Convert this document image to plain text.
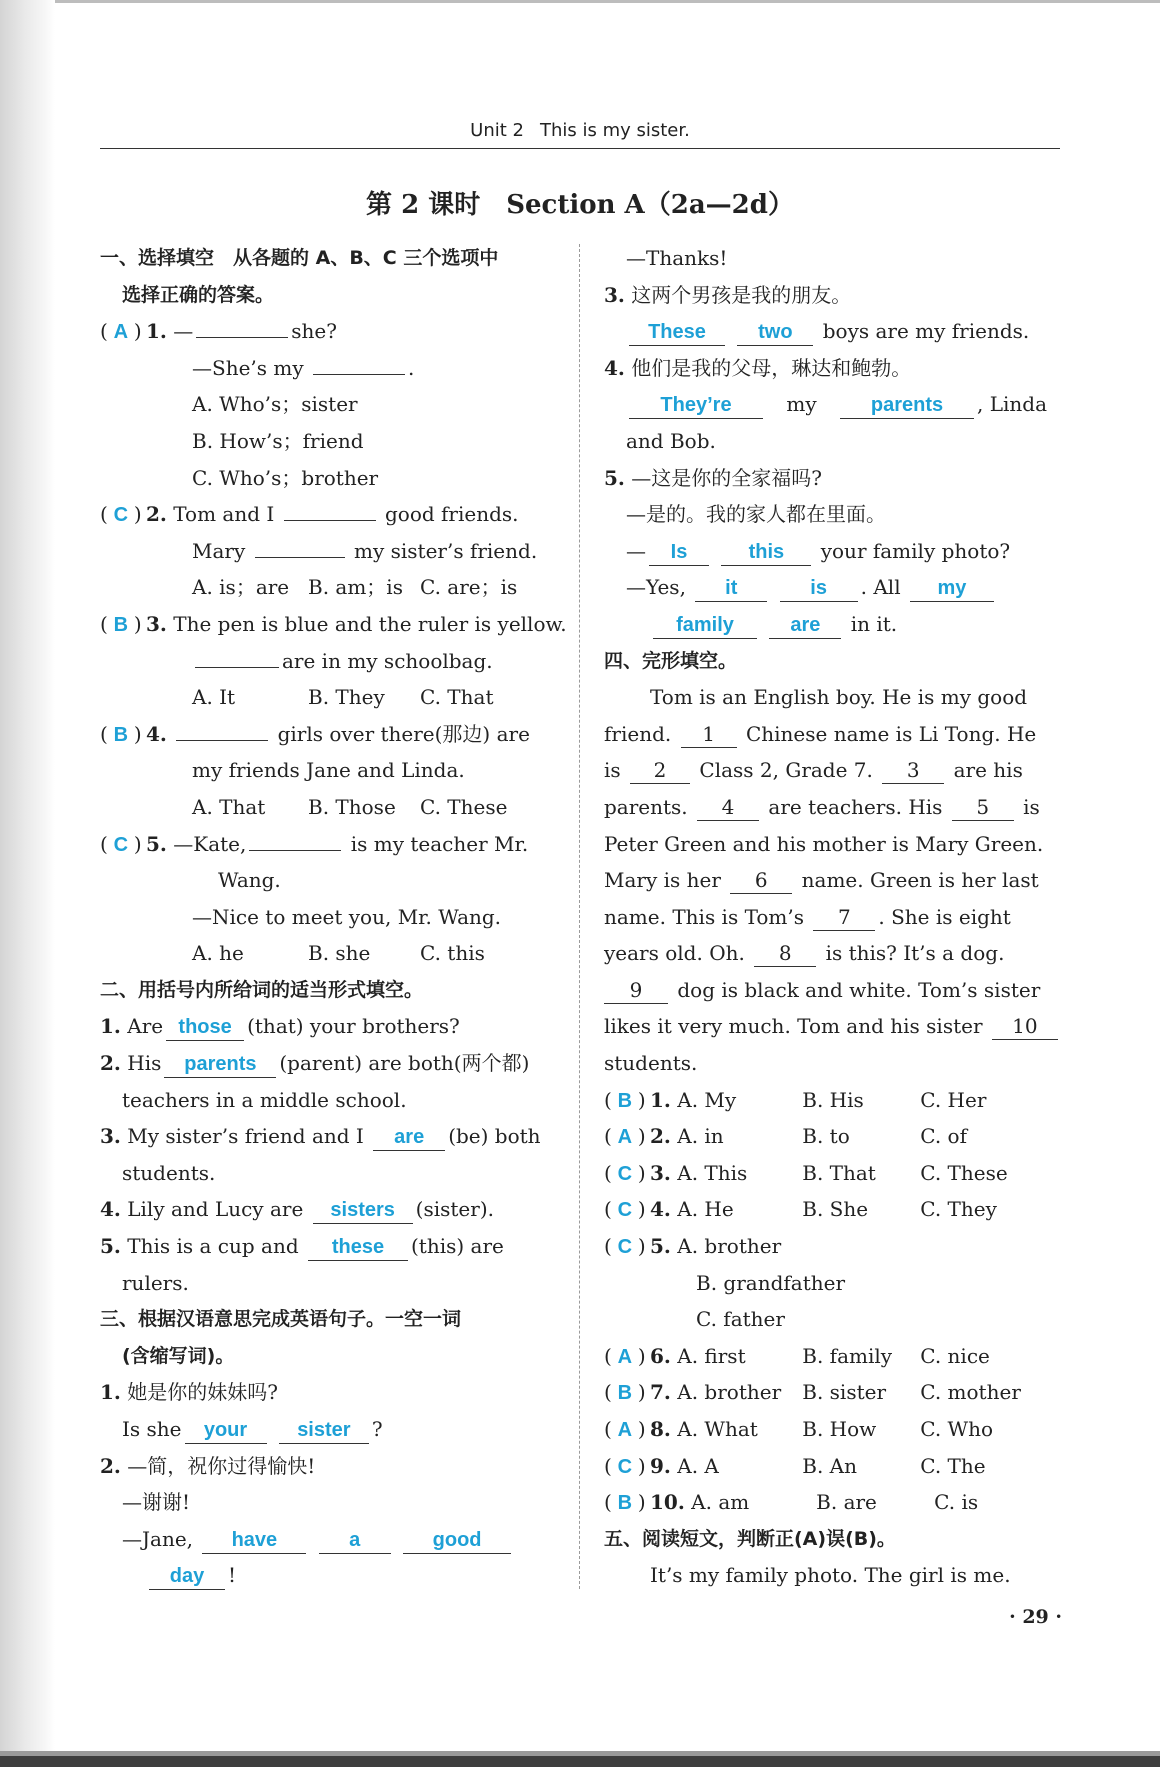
Unit 2 This is my sister.
第 2 课时　Section A（2a—2d）
一、选择填空　从各题的 A、B、C 三个选项中
选择正确的答案。
( A ) 1. —	she?
—She’s my	.
A. Who’s；sister
B. How’s；friend
C. Who’s；brother
( C ) 2. Tom and I	good friends.
Mary	my sister’s friend.
A. is；are B. am；is C. are；is
( B ) 3. The pen is blue and the ruler is yellow.
are in my schoolbag.
A. It	B. They C. That
( B ) 4.	girls over there(那边) are
my friends Jane and Linda.
A. That B. Those C. These
( C ) 5. —Kate,	is my teacher Mr.
Wang.
—Nice to meet you, Mr. Wang.
A. he	B. she C. this
二、用括号内所给词的适当形式填空。
1. Are those (that) your brothers?
2. His parents (parent) are both(两个都)
teachers in a middle school.
3. My sister’s friend and I are (be) both
students.
4. Lily and Lucy are sisters (sister).
5. This is a cup and these (this) are
rulers.
三、根据汉语意思完成英语句子。一空一词
(含缩写词)。
1. 她是你的妹妹吗?
Is she your	sister ?
2. —简，祝你过得愉快!
—谢谢!
—Jane, have	a	good
day !
—Thanks!
3. 这两个男孩是我的朋友。
These	two boys are my friends.
4. 他们是我的父母，琳达和鲍勃。
They’re	my	parents , Linda
and Bob.
5. —这是你的全家福吗?
—是的。我的家人都在里面。
— Is	this your family photo?
—Yes, it	is . All my
family	are in it.
四、完形填空。
Tom is an English boy. He is my good
friend. 1 Chinese name is Li Tong. He
is 2 Class 2, Grade 7. 3 are his
parents. 4 are teachers. His 5 is
Peter Green and his mother is Mary Green.
Mary is her 6 name. Green is her last
name. This is Tom’s 7 . She is eight
years old. Oh. 8 is this? It’s a dog.
9 dog is black and white. Tom’s sister
likes it very much. Tom and his sister 10
students.
( B ) 1. A. My	B. His	C. Her
( A ) 2. A. in	B. to	C. of
( C ) 3. A. This	B. That C. These
( C ) 4. A. He	B. She	C. They
( C ) 5. A. brother
B. grandfather
C. father
( A ) 6. A. first	B. family C. nice
( B ) 7. A. brother B. sister C. mother
( A ) 8. A. What B. How C. Who
( C ) 9. A. A	B. An	C. The
( B ) 10. A. am	B. are	C. is
五、阅读短文，判断正(A)误(B)。
It’s my family photo. The girl is me.
· 29 ·
